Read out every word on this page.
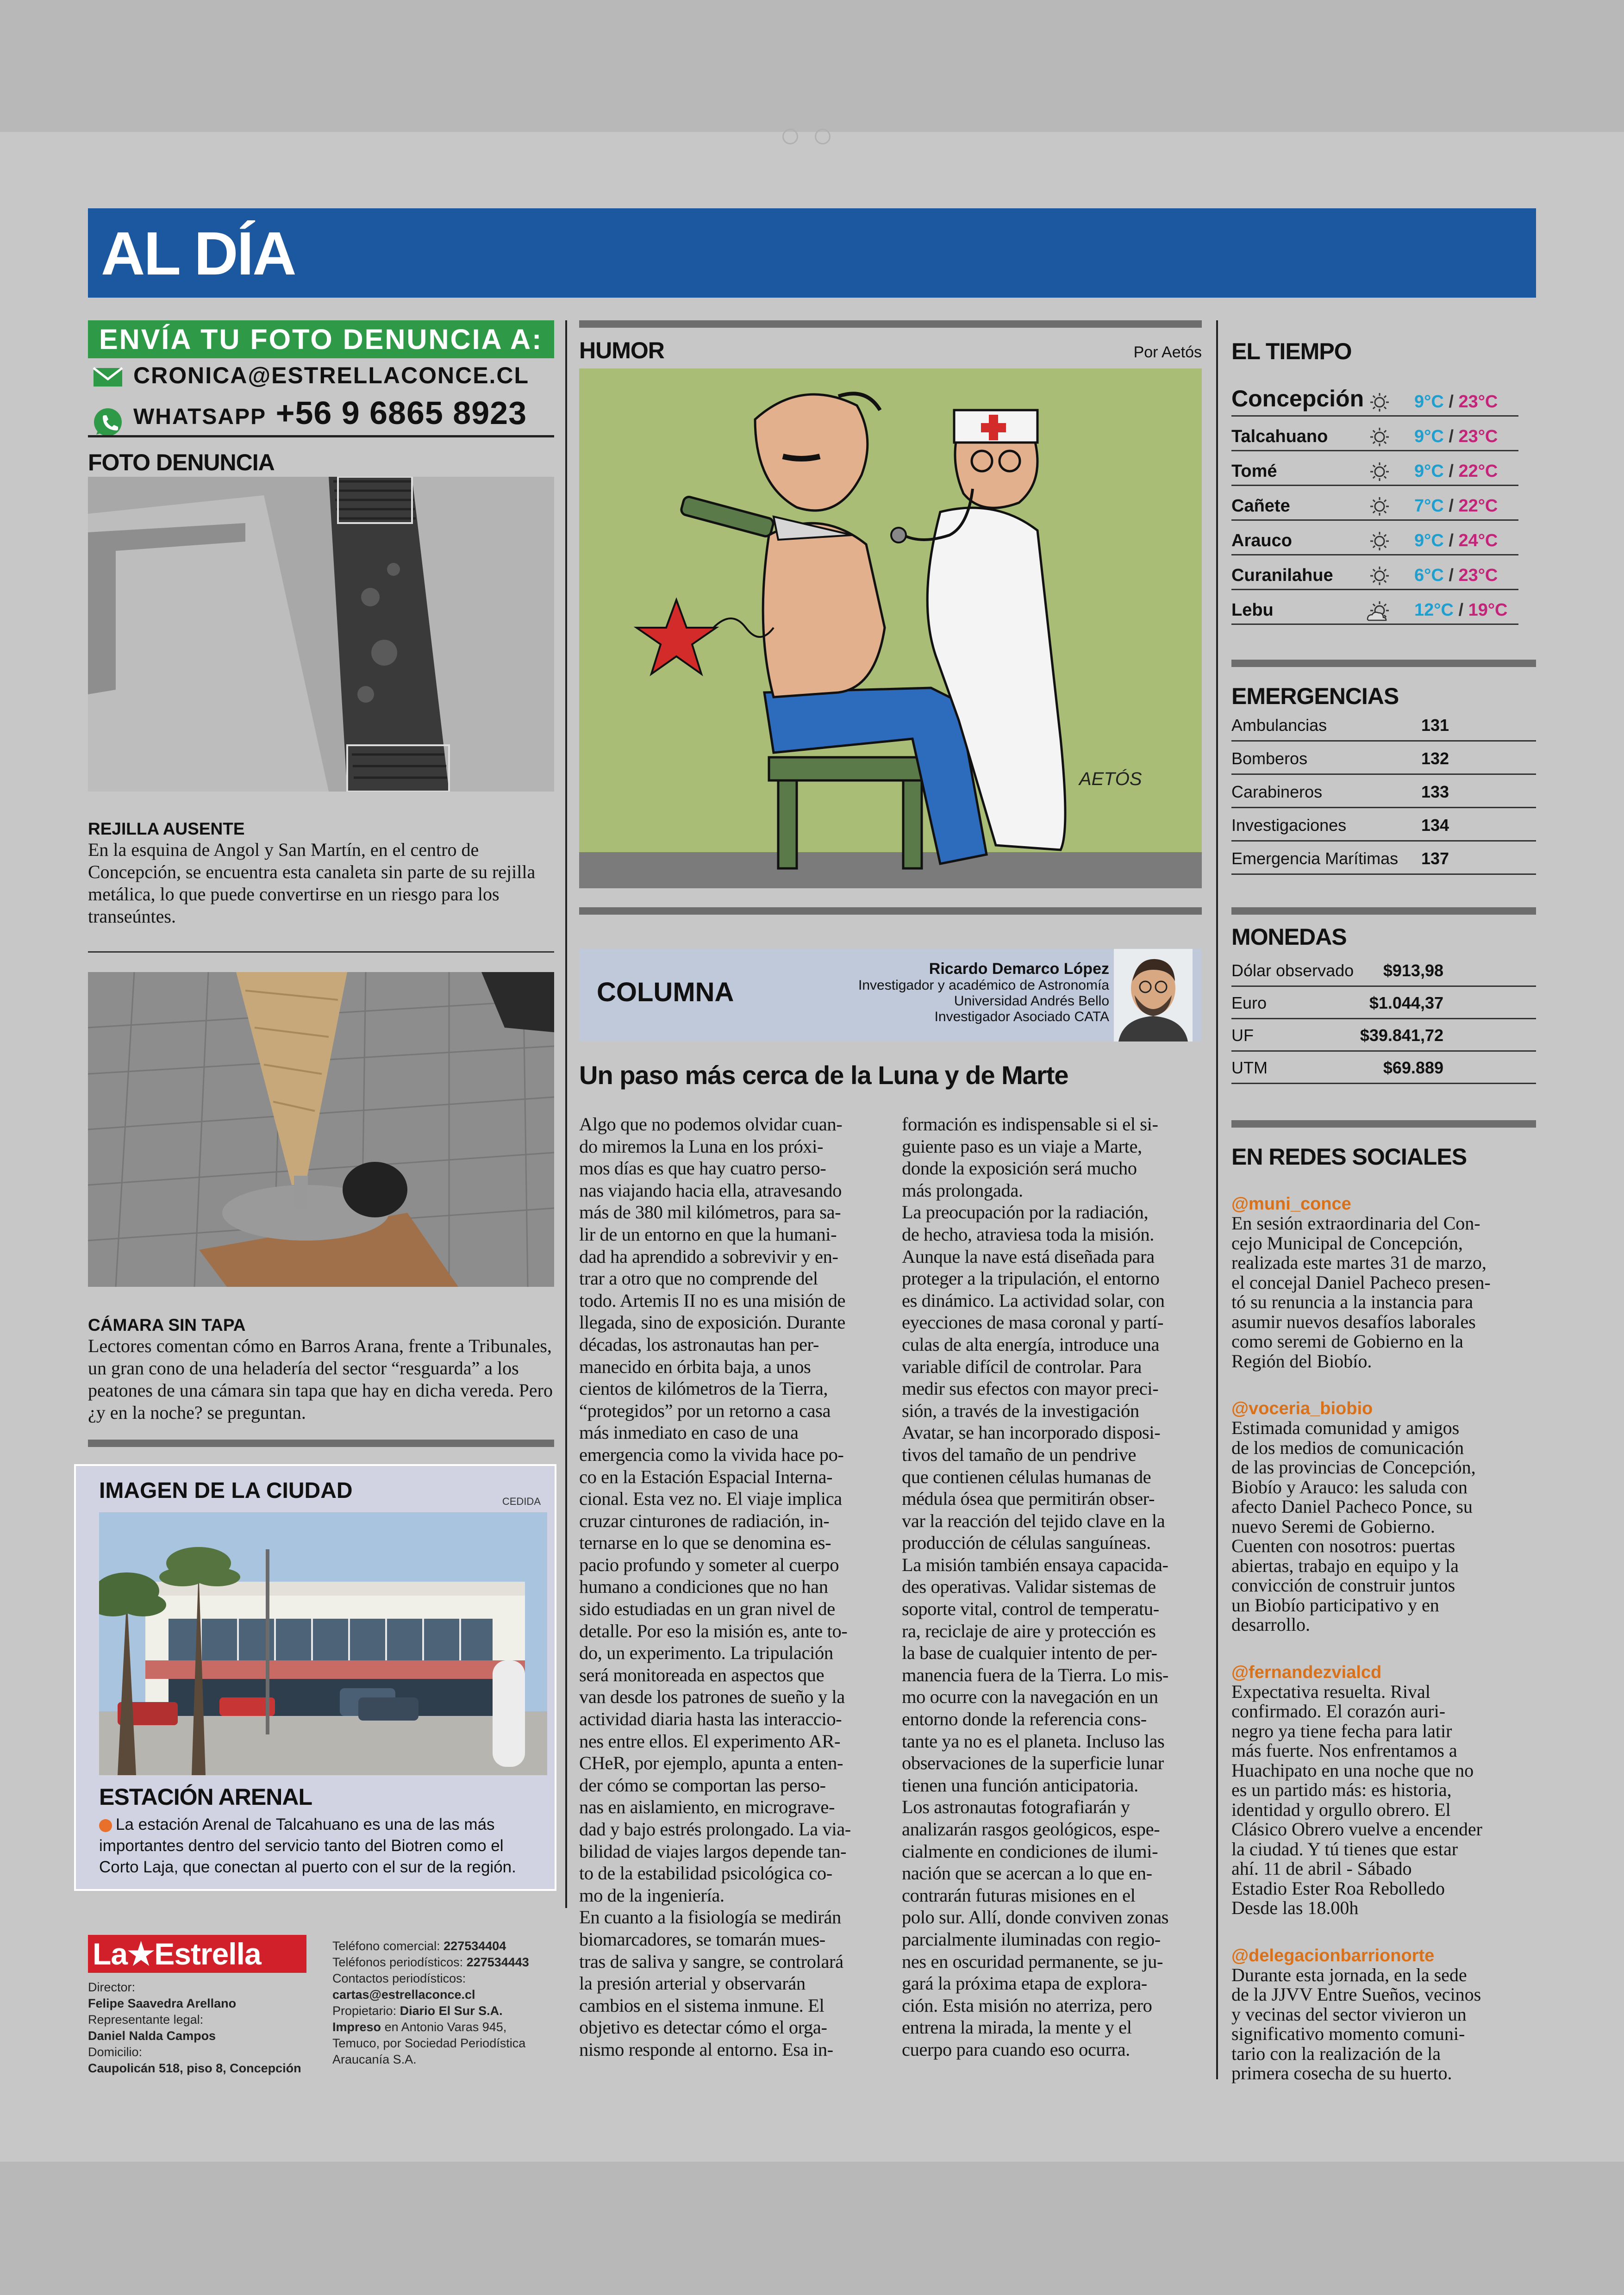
AL DÍA
ENVÍA TU FOTO DENUNCIA A:
CRONICA@ESTRELLACONCE.CL
WHATSAPP +56 9 6865 8923
FOTO DENUNCIA
REJILLA AUSENTE
En la esquina de Angol y San Martín, en el centro de Concepción, se encuentra esta canaleta sin parte de su rejilla metálica, lo que puede convertirse en un riesgo para los transeúntes.
CÁMARA SIN TAPA
Lectores comentan cómo en Barros Arana, frente a Tribunales, un gran cono de una heladería del sector “resguarda” a los peatones de una cámara sin tapa que hay en dicha vereda. Pero ¿y en la noche? se preguntan.
IMAGEN DE LA CIUDAD	CEDIDA
ESTACIÓN ARENAL
La estación Arenal de Talcahuano es una de las más importantes dentro del servicio tanto del Biotren como el Corto Laja, que conectan al puerto con el sur de la región.
La★Estrella
Director:
Felipe Saavedra Arellano
Representante legal:
Daniel Nalda Campos
Domicilio:
Caupolicán 518, piso 8, Concepción
Teléfono comercial: 227534404
Teléfonos periodísticos: 227534443
Contactos periodísticos:
cartas@estrellaconce.cl
Propietario: Diario El Sur S.A.
Impreso en Antonio Varas 945,
Temuco, por Sociedad Periodística
Araucanía S.A.
HUMOR	Por Aetós
AETÓS
COLUMNA
Ricardo Demarco López
Investigador y académico de Astronomía
Universidad Andrés Bello
Investigador Asociado CATA
Un paso más cerca de la Luna y de Marte
Algo que no podemos olvidar cuan-
do miremos la Luna en los próxi-
mos días es que hay cuatro perso-
nas viajando hacia ella, atravesando
más de 380 mil kilómetros, para sa-
lir de un entorno en que la humani-
dad ha aprendido a sobrevivir y en-
trar a otro que no comprende del
todo. Artemis II no es una misión de
llegada, sino de exposición. Durante
décadas, los astronautas han per-
manecido en órbita baja, a unos
cientos de kilómetros de la Tierra,
“protegidos” por un retorno a casa
más inmediato en caso de una
emergencia como la vivida hace po-
co en la Estación Espacial Interna-
cional. Esta vez no. El viaje implica
cruzar cinturones de radiación, in-
ternarse en lo que se denomina es-
pacio profundo y someter al cuerpo
humano a condiciones que no han
sido estudiadas en un gran nivel de
detalle. Por eso la misión es, ante to-
do, un experimento. La tripulación
será monitoreada en aspectos que
van desde los patrones de sueño y la
actividad diaria hasta las interaccio-
nes entre ellos. El experimento AR-
CHeR, por ejemplo, apunta a enten-
der cómo se comportan las perso-
nas en aislamiento, en micrograve-
dad y bajo estrés prolongado. La via-
bilidad de viajes largos depende tan-
to de la estabilidad psicológica co-
mo de la ingeniería.
En cuanto a la fisiología se medirán
biomarcadores, se tomarán mues-
tras de saliva y sangre, se controlará
la presión arterial y observarán
cambios en el sistema inmune. El
objetivo es detectar cómo el orga-
nismo responde al entorno. Esa in-
formación es indispensable si el si-
guiente paso es un viaje a Marte,
donde la exposición será mucho
más prolongada.
La preocupación por la radiación,
de hecho, atraviesa toda la misión.
Aunque la nave está diseñada para
proteger a la tripulación, el entorno
es dinámico. La actividad solar, con
eyecciones de masa coronal y partí-
culas de alta energía, introduce una
variable difícil de controlar. Para
medir sus efectos con mayor preci-
sión, a través de la investigación
Avatar, se han incorporado disposi-
tivos del tamaño de un pendrive
que contienen células humanas de
médula ósea que permitirán obser-
var la reacción del tejido clave en la
producción de células sanguíneas.
La misión también ensaya capacida-
des operativas. Validar sistemas de
soporte vital, control de temperatu-
ra, reciclaje de aire y protección es
la base de cualquier intento de per-
manencia fuera de la Tierra. Lo mis-
mo ocurre con la navegación en un
entorno donde la referencia cons-
tante ya no es el planeta. Incluso las
observaciones de la superficie lunar
tienen una función anticipatoria.
Los astronautas fotografiarán y
analizarán rasgos geológicos, espe-
cialmente en condiciones de ilumi-
nación que se acercan a lo que en-
contrarán futuras misiones en el
polo sur. Allí, donde conviven zonas
parcialmente iluminadas con regio-
nes en oscuridad permanente, se ju-
gará la próxima etapa de explora-
ción. Esta misión no aterriza, pero
entrena la mirada, la mente y el
cuerpo para cuando eso ocurra.
EL TIEMPO
Concepción	9°C / 23°C
Talcahuano	9°C / 23°C
Tomé	9°C / 22°C
Cañete	7°C / 22°C
Arauco	9°C / 24°C
Curanilahue	6°C / 23°C
Lebu	12°C / 19°C
EMERGENCIAS
Ambulancias	131
Bomberos	132
Carabineros	133
Investigaciones	134
Emergencia Marítimas 137
MONEDAS
Dólar observado $913,98
Euro	$1.044,37
UF	$39.841,72
UTM	$69.889
EN REDES SOCIALES
@muni_conce
En sesión extraordinaria del Con-
cejo Municipal de Concepción,
realizada este martes 31 de marzo,
el concejal Daniel Pacheco presen-
tó su renuncia a la instancia para
asumir nuevos desafíos laborales
como seremi de Gobierno en la
Región del Biobío.
@voceria_biobio
Estimada comunidad y amigos
de los medios de comunicación
de las provincias de Concepción,
Biobío y Arauco: les saluda con
afecto Daniel Pacheco Ponce, su
nuevo Seremi de Gobierno.
Cuenten con nosotros: puertas
abiertas, trabajo en equipo y la
convicción de construir juntos
un Biobío participativo y en
desarrollo.
@fernandezvialcd
Expectativa resuelta. Rival
confirmado. El corazón auri-
negro ya tiene fecha para latir
más fuerte. Nos enfrentamos a
Huachipato en una noche que no
es un partido más: es historia,
identidad y orgullo obrero. El
Clásico Obrero vuelve a encender
la ciudad. Y tú tienes que estar
ahí. 11 de abril - Sábado
Estadio Ester Roa Rebolledo
Desde las 18.00h
@delegacionbarrionorte
Durante esta jornada, en la sede
de la JJVV Entre Sueños, vecinos
y vecinas del sector vivieron un
significativo momento comuni-
tario con la realización de la
primera cosecha de su huerto.
